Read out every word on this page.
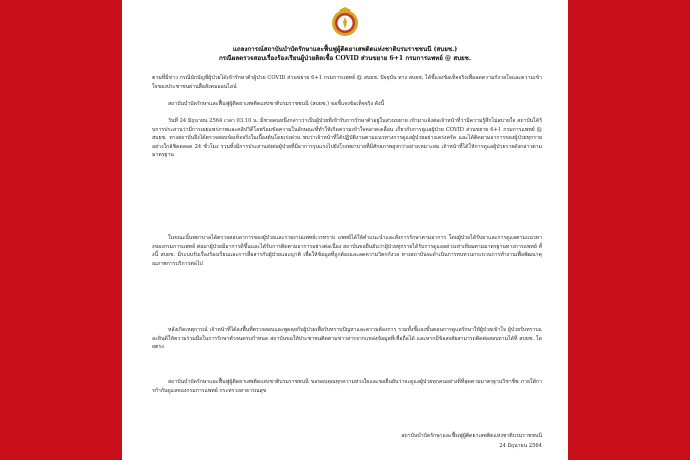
แถลงการณ์สถาบันบำบัดรักษาและฟื้นฟูผู้ติดยาเสพติดแห่งชาติบรมราชชนนี (สบยช.)
กรณีผลตรวจสอบเรื่องร้องเรียนผู้ป่วยติดเชื้อ COVID ส่วนขยาย 6+1 กรมการแพทย์ @ สบยช.

ตามที่มีข่าว กรณีนักบัญชีผู้ป่วยได้เข้ารักษาตัวผู้ป่วย COVID ส่วนขยาย 6+1 กรมการแพทย์ @ สบยช. ปัจจุบัน ทาง สบยช. ได้ชี้แจงข้อเท็จจริงเพื่อลดความกังวลใจและความเข้าใจของประชาชนผ่านสื่อสังคมออนไลน์

สถาบันบำบัดรักษาและฟื้นฟูผู้ติดยาเสพติดแห่งชาติบรมราชชนนี (สบยช.) ขอชี้แจงข้อเท็จจริง ดังนี้

วันที่ 24 มิถุนายน 2564 เวลา 03.10 น. มีชายคนหนึ่งกล่าวว่าเป็นผู้ป่วยที่เข้ารับการรักษาตัวอยู่ในส่วนขยาย เข้ามาแจ้งต่อเจ้าหน้าที่ว่ามีความรู้สึกไม่สบายใจ สถาบันได้รับการประสานว่ามีการเผยแพร่ภาพและคลิปวิดีโอพร้อมข้อความในลักษณะที่ทำให้เกิดความเข้าใจคลาดเคลื่อน เกี่ยวกับการดูแลผู้ป่วย COVID ส่วนขยาย 6+1 กรมการแพทย์ @ สบยช. ทางสถาบันจึงได้ตรวจสอบข้อเท็จจริงในเบื้องต้นโดยเร่งด่วน พบว่าเจ้าหน้าที่ได้ปฏิบัติงานตามแนวทางการดูแลผู้ป่วยอย่างเคร่งครัด และได้ติดตามอาการของผู้ป่วยทุกรายอย่างใกล้ชิดตลอด 24 ชั่วโมง รวมทั้งมีการประสานส่งต่อผู้ป่วยที่มีอาการรุนแรงไปยังโรงพยาบาลที่มีศักยภาพสูงกว่าอย่างเหมาะสม เจ้าหน้าที่ได้ให้การดูแลผู้ป่วยรายดังกล่าวตามมาตรฐาน

ในขณะนั้นพยาบาลได้ตรวจสอบอาการของผู้ป่วยและรายงานแพทย์เวรทราบ แพทย์ได้ให้คำแนะนำและสั่งการรักษาตามอาการ โดยผู้ป่วยได้รับยาและการดูแลตามแนวทางของกรมการแพทย์ ต่อมาผู้ป่วยมีอาการดีขึ้นและได้รับการติดตามอาการอย่างต่อเนื่อง สถาบันขอยืนยันว่าผู้ป่วยทุกรายได้รับการดูแลอย่างเท่าเทียมตามมาตรฐานทางการแพทย์ ทั้งนี้ สบยช. มีระบบรับเรื่องร้องเรียนและการสื่อสารกับผู้ป่วยและญาติ เพื่อให้ข้อมูลที่ถูกต้องและลดความวิตกกังวล ทางสถาบันจะดำเนินการทบทวนกระบวนการทำงานเพื่อพัฒนาคุณภาพการบริการต่อไป

หลังเกิดเหตุการณ์ เจ้าหน้าที่ได้ลงพื้นที่ตรวจสอบและพูดคุยกับผู้ป่วยเพื่อรับทราบปัญหาและความต้องการ รวมทั้งชี้แจงขั้นตอนการดูแลรักษาให้ผู้ป่วยเข้าใจ ผู้ป่วยรับทราบและยินดีให้ความร่วมมือในการรักษาตัวจนครบกำหนด สถาบันขอให้ประชาชนติดตามข่าวสารจากแหล่งข้อมูลที่เชื่อถือได้ และหากมีข้อสงสัยสามารถติดต่อสอบถามได้ที่ สบยช. โดยตรง

สถาบันบำบัดรักษาและฟื้นฟูผู้ติดยาเสพติดแห่งชาติบรมราชชนนี ขอขอบคุณทุกความห่วงใยและขอยืนยันว่าจะดูแลผู้ป่วยทุกคนอย่างดีที่สุดตามมาตรฐานวิชาชีพ ภายใต้การกำกับดูแลของกรมการแพทย์ กระทรวงสาธารณสุข

สถาบันบำบัดรักษาและฟื้นฟูผู้ติดยาเสพติดแห่งชาติบรมราชชนนี
24 มิถุนายน 2564
